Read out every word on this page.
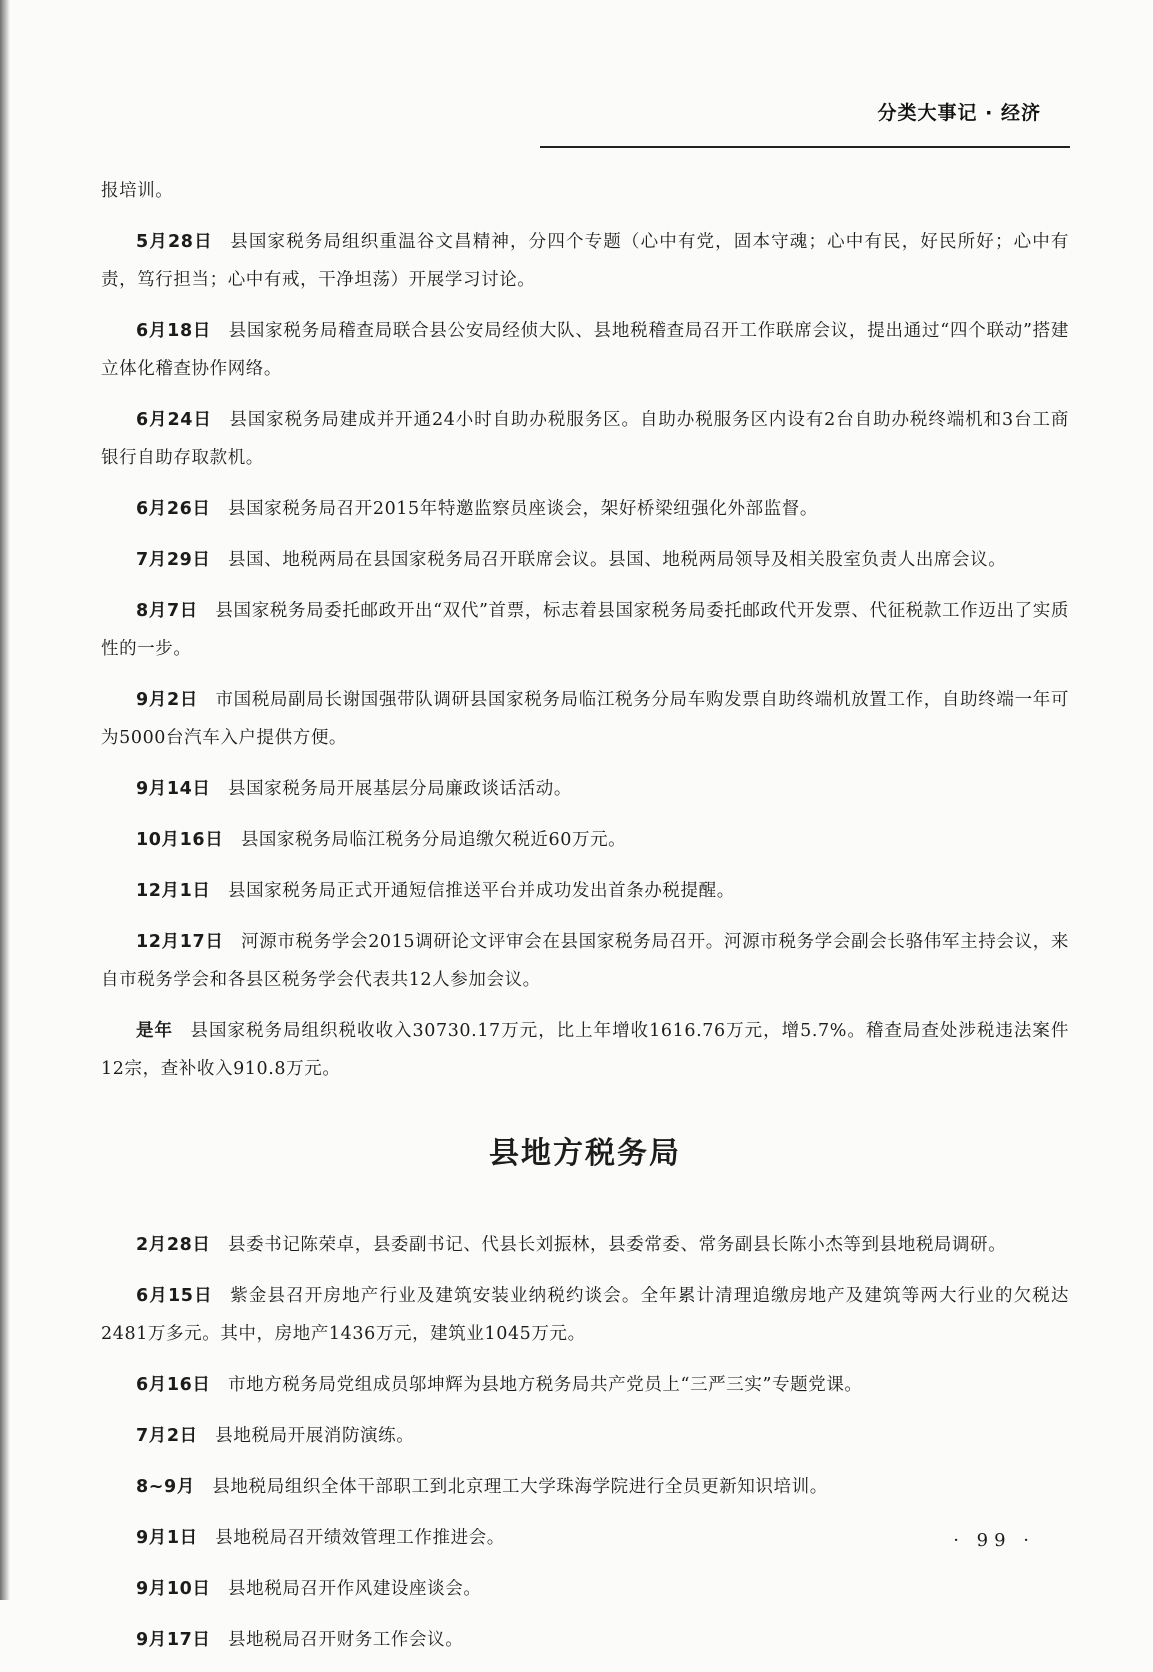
分类大事记 · 经济

报培训。

5月28日 县国家税务局组织重温谷文昌精神，分四个专题（心中有党，固本守魂；心中有民，好民所好；心中有责，笃行担当；心中有戒，干净坦荡）开展学习讨论。

6月18日 县国家税务局稽查局联合县公安局经侦大队、县地税稽查局召开工作联席会议，提出通过“四个联动”搭建立体化稽查协作网络。

6月24日 县国家税务局建成并开通24小时自助办税服务区。自助办税服务区内设有2台自助办税终端机和3台工商银行自助存取款机。

6月26日 县国家税务局召开2015年特邀监察员座谈会，架好桥梁纽强化外部监督。

7月29日 县国、地税两局在县国家税务局召开联席会议。县国、地税两局领导及相关股室负责人出席会议。

8月7日 县国家税务局委托邮政开出“双代”首票，标志着县国家税务局委托邮政代开发票、代征税款工作迈出了实质性的一步。

9月2日 市国税局副局长谢国强带队调研县国家税务局临江税务分局车购发票自助终端机放置工作，自助终端一年可为5000台汽车入户提供方便。

9月14日 县国家税务局开展基层分局廉政谈话活动。

10月16日 县国家税务局临江税务分局追缴欠税近60万元。

12月1日 县国家税务局正式开通短信推送平台并成功发出首条办税提醒。

12月17日 河源市税务学会2015调研论文评审会在县国家税务局召开。河源市税务学会副会长骆伟军主持会议，来自市税务学会和各县区税务学会代表共12人参加会议。

是年 县国家税务局组织税收收入30730.17万元，比上年增收1616.76万元，增5.7%。稽查局查处涉税违法案件12宗，查补收入910.8万元。

县地方税务局

2月28日 县委书记陈荣卓，县委副书记、代县长刘振林，县委常委、常务副县长陈小杰等到县地税局调研。

6月15日 紫金县召开房地产行业及建筑安装业纳税约谈会。全年累计清理追缴房地产及建筑等两大行业的欠税达2481万多元。其中，房地产1436万元，建筑业1045万元。

6月16日 市地方税务局党组成员邬坤辉为县地方税务局共产党员上“三严三实”专题党课。

7月2日 县地税局开展消防演练。

8~9月 县地税局组织全体干部职工到北京理工大学珠海学院进行全员更新知识培训。

9月1日 县地税局召开绩效管理工作推进会。

9月10日 县地税局召开作风建设座谈会。

9月17日 县地税局召开财务工作会议。

· 99 ·
